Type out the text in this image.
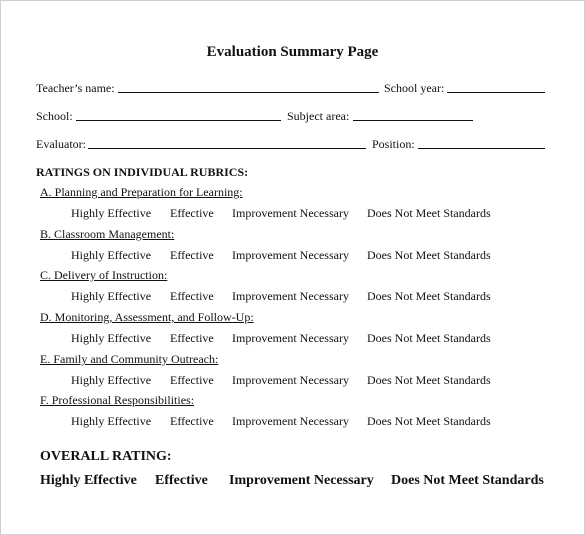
Evaluation Summary Page
Teacher’s name:	School year:
School:	Subject area:
Evaluator:	Position:
RATINGS ON INDIVIDUAL RUBRICS:
A. Planning and Preparation for Learning:
Highly Effective Effective Improvement Necessary Does Not Meet Standards
B. Classroom Management:
Highly Effective Effective Improvement Necessary Does Not Meet Standards
C. Delivery of Instruction:
Highly Effective Effective Improvement Necessary Does Not Meet Standards
D. Monitoring, Assessment, and Follow-Up:
Highly Effective Effective Improvement Necessary Does Not Meet Standards
E. Family and Community Outreach:
Highly Effective Effective Improvement Necessary Does Not Meet Standards
F. Professional Responsibilities:
Highly Effective Effective Improvement Necessary Does Not Meet Standards
OVERALL RATING:
Highly Effective Effective Improvement Necessary Does Not Meet Standards
